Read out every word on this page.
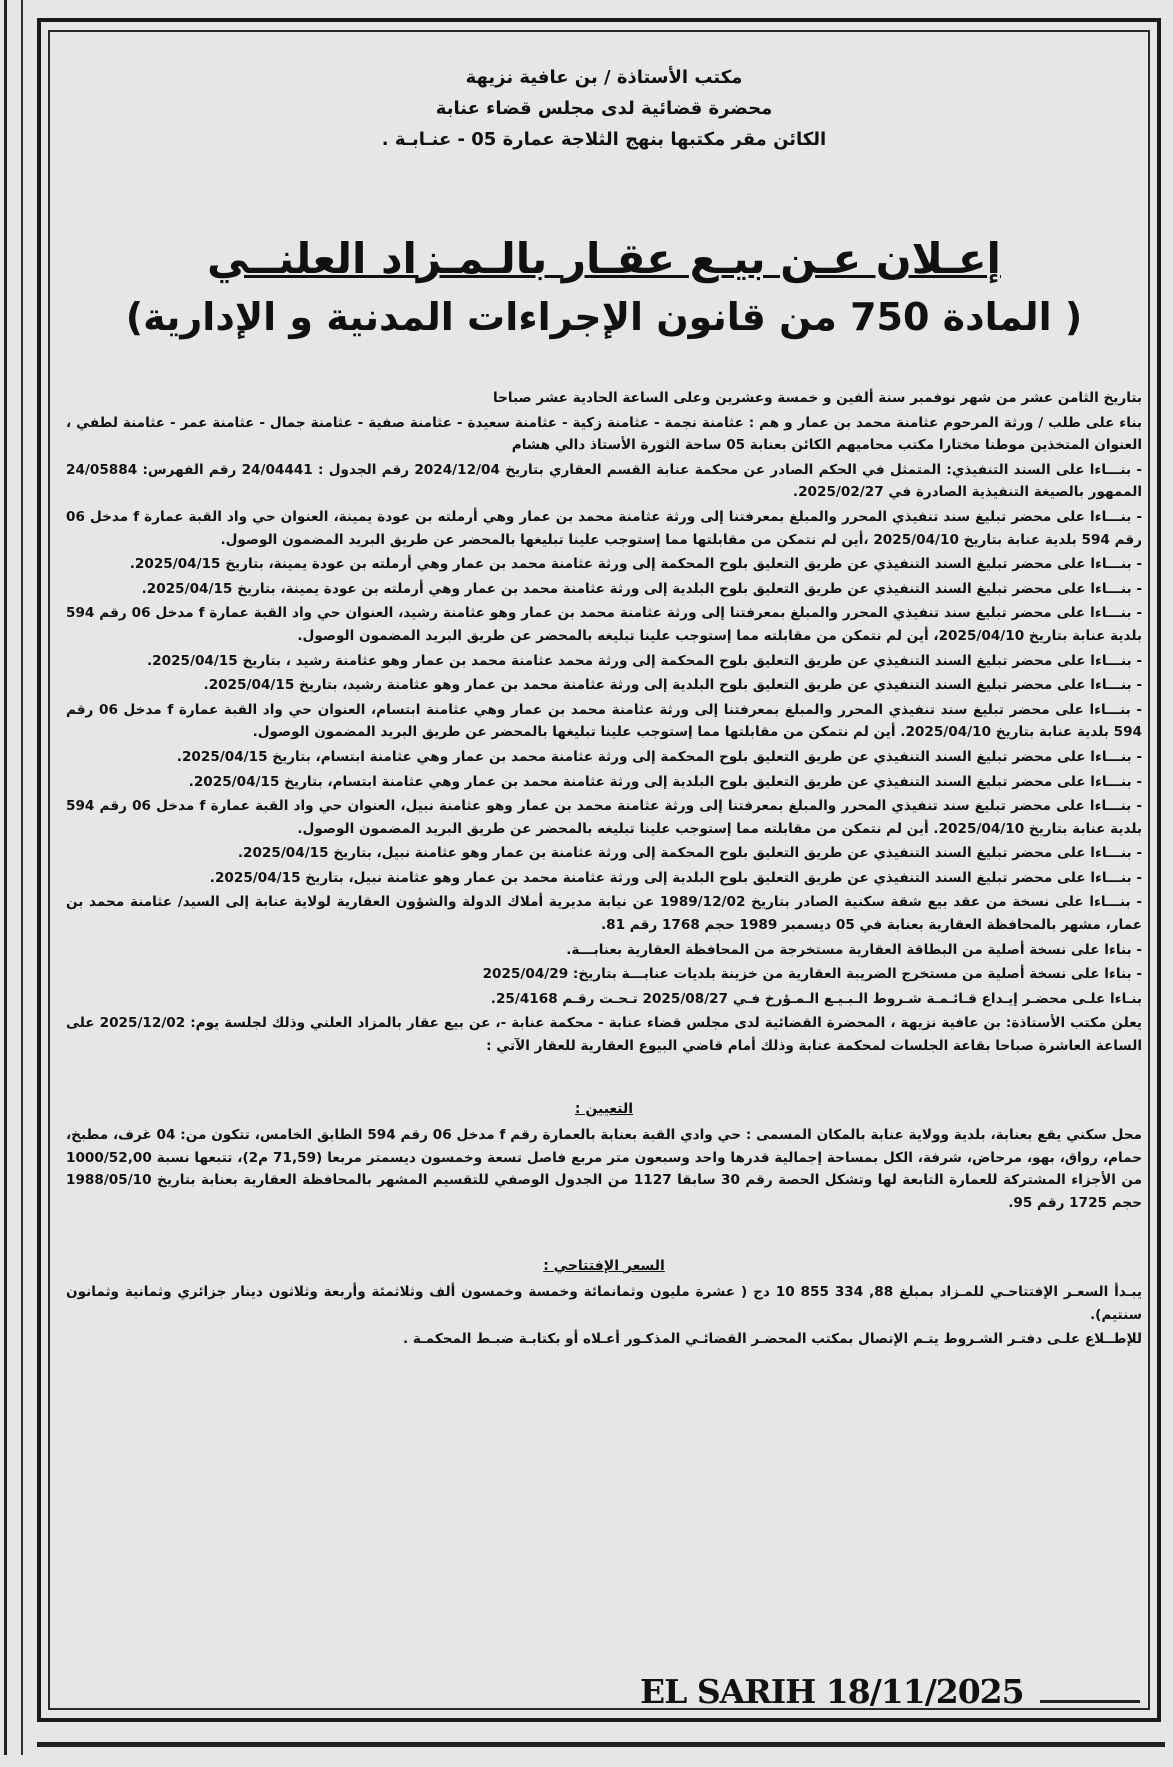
مكتب الأستاذة / بن عافية نزيهة
محضرة قضائية لدى مجلس قضاء عنابة
الكائن مقر مكتبها بنهج الثلاجة عمارة 05 - عنـابـة .
إعـلان عـن بيـع عقـار بالـمـزاد العلنــي
( المادة 750 من قانون الإجراءات المدنية و الإدارية)

بتاريخ الثامن عشر من شهر نوفمبر سنة ألفين و خمسة وعشرين وعلى الساعة الحادية عشر صباحا

بناء على طلب / ورثة المرحوم عثامنة محمد بن عمار و هم : عثامنة نجمة - عثامنة زكية - عثامنة سعيدة - عثامنة صفية - عثامنة جمال - عثامنة عمر - عثامنة لطفي ، العنوان المتخذين موطنا مختارا مكتب محاميهم الكائن بعنابة 05 ساحة الثورة الأستاذ دالي هشام

- بنـــاءا على السند التنفيذي: المتمثل في الحكم الصادر عن محكمة عنابة القسم العقاري بتاريخ 2024/12/04 رقم الجدول : 24/04441 رقم الفهرس: 24/05884 الممهور بالصيغة التنفيذية الصادرة في 2025/02/27.

- بنـــاءا على محضر تبليغ سند تنفيذي المحرر والمبلغ بمعرفتنا إلى ورثة عثامنة محمد بن عمار وهي أرملته بن عودة يمينة، العنوان حي واد القبة عمارة f مدخل 06 رقم 594 بلدية عنابة بتاريخ 2025/04/10 ،أين لم نتمكن من مقابلتها مما إستوجب علينا تبليغها بالمحضر عن طريق البريد المضمون الوصول.

- بنـــاءا على محضر تبليغ السند التنفيذي عن طريق التعليق بلوح المحكمة إلى ورثة عثامنة محمد بن عمار وهي أرملته بن عودة يمينة، بتاريخ 2025/04/15.

- بنـــاءا على محضر تبليغ السند التنفيذي عن طريق التعليق بلوح البلدية إلى ورثة عثامنة محمد بن عمار وهي أرملته بن عودة يمينة، بتاريخ 2025/04/15.

- بنـــاءا على محضر تبليغ سند تنفيذي المحرر والمبلغ بمعرفتنا إلى ورثة عثامنة محمد بن عمار وهو عثامنة رشيد، العنوان حي واد القبة عمارة f مدخل 06 رقم 594 بلدية عنابة بتاريخ 2025/04/10، أين لم نتمكن من مقابلته مما إستوجب علينا تبليغه بالمحضر عن طريق البريد المضمون الوصول.

- بنـــاءا على محضر تبليغ السند التنفيذي عن طريق التعليق بلوح المحكمة إلى ورثة محمد عثامنة محمد بن عمار وهو عثامنة رشيد ، بتاريخ 2025/04/15.

- بنـــاءا على محضر تبليغ السند التنفيذي عن طريق التعليق بلوح البلدية إلى ورثة عثامنة محمد بن عمار وهو عثامنة رشيد، بتاريخ 2025/04/15.

- بنـــاءا على محضر تبليغ سند تنفيذي المحرر والمبلغ بمعرفتنا إلى ورثة عثامنة محمد بن عمار وهي عثامنة ابتسام، العنوان حي واد القبة عمارة f مدخل 06 رقم 594 بلدية عنابة بتاريخ 2025/04/10. أين لم نتمكن من مقابلتها مما إستوجب علينا تبليغها بالمحضر عن طريق البريد المضمون الوصول.

- بنـــاءا على محضر تبليغ السند التنفيذي عن طريق التعليق بلوح المحكمة إلى ورثة عثامنة محمد بن عمار وهي عثامنة ابتسام، بتاريخ 2025/04/15.

- بنـــاءا على محضر تبليغ السند التنفيذي عن طريق التعليق بلوح البلدية إلى ورثة عثامنة محمد بن عمار وهي عثامنة ابتسام، بتاريخ 2025/04/15.

- بنـــاءا على محضر تبليغ سند تنفيذي المحرر والمبلغ بمعرفتنا إلى ورثة عثامنة محمد بن عمار وهو عثامنة نبيل، العنوان حي واد القبة عمارة f مدخل 06 رقم 594 بلدية عنابة بتاريخ 2025/04/10. أين لم نتمكن من مقابلته مما إستوجب علينا تبليغه بالمحضر عن طريق البريد المضمون الوصول.

- بنـــاءا على محضر تبليغ السند التنفيذي عن طريق التعليق بلوح المحكمة إلى ورثة عثامنة بن عمار وهو عثامنة نبيل، بتاريخ 2025/04/15.

- بنـــاءا على محضر تبليغ السند التنفيذي عن طريق التعليق بلوح البلدية إلى ورثة عثامنة محمد بن عمار وهو عثامنة نبيل، بتاريخ 2025/04/15.

- بنـــاءا على نسخة من عقد بيع شقة سكنية الصادر بتاريخ 1989/12/02 عن نيابة مديرية أملاك الدولة والشؤون العقارية لولاية عنابة إلى السيد/ عثامنة محمد بن عمار، مشهر بالمحافظة العقارية بعنابة في 05 ديسمبر 1989 حجم 1768 رقم 81.

- بناءا على نسخة أصلية من البطاقة العقارية مستخرجة من المحافظة العقارية بعنابـــة.

- بناءا على نسخة أصلية من مستخرج الضريبة العقارية من خزينة بلديات عنابـــة بتاريخ: 2025/04/29

بنـاءا علـى محضـر إيـداع قـائـمـة شـروط الـبـيـع الـمـؤرخ فـي 2025/08/27 تـحـت رقـم 25/4168.

يعلن مكتب الأستاذة: بن عافية نزيهة ، المحضرة القضائية لدى مجلس قضاء عنابة - محكمة عنابة -، عن بيع عقار بالمزاد العلني وذلك لجلسة يوم: 2025/12/02 على الساعة العاشرة صباحا بقاعة الجلسات لمحكمة عنابة وذلك أمام قاضي البيوع العقارية للعقار الآتي :

التعيين :

محل سكني يقع بعنابة، بلدية وولاية عنابة بالمكان المسمى : حي وادي القبة بعنابة بالعمارة رقم f مدخل 06 رقم 594 الطابق الخامس، تتكون من: 04 غرف، مطبخ، حمام، رواق، بهو، مرحاض، شرفة، الكل بمساحة إجمالية قدرها واحد وسبعون متر مربع فاصل تسعة وخمسون ديسمتر مربعا (71,59 م2)، تتبعها نسبة 1000/52,00 من الأجزاء المشتركة للعمارة التابعة لها وتشكل الحصة رقم 30 سابقا 1127 من الجدول الوصفي للتقسيم المشهر بالمحافظة العقارية بعنابة بتاريخ 1988/05/10 حجم 1725 رقم 95.

السعر الإفتتاحي :

يبـدأ السعـر الإفتتاحـي للمـزاد بمبلغ 88, 334 855 10 دج ( عشرة مليون وثمانمائة وخمسة وخمسون ألف وثلاثمئة وأربعة وثلاثون دينار جزائري وثمانية وثمانون سنتيم).

للإطــلاع علـى دفتـر الشـروط يتـم الإتصال بمكتب المحضـر القضائـي المذكـور أعـلاه أو بكتابـة ضبـط المحكمـة .

EL SARIH 18/11/2025
